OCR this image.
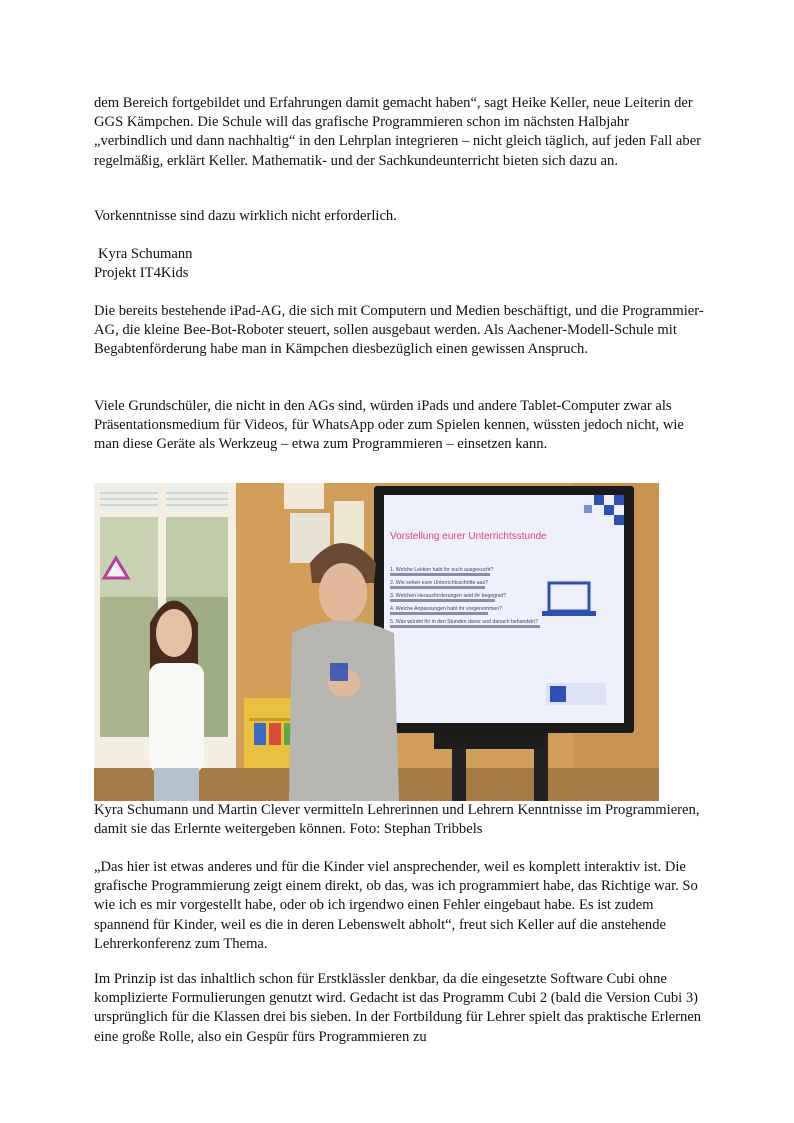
dem Bereich fortgebildet und Erfahrungen damit gemacht haben“, sagt Heike Keller, neue Leiterin der GGS Kämpchen. Die Schule will das grafische Programmieren schon im nächsten Halbjahr „verbindlich und dann nachhaltig“ in den Lehrplan integrieren – nicht gleich täglich, auf jeden Fall aber regelmäßig, erklärt Keller. Mathematik- und der Sachkundeunterricht bieten sich dazu an.

Vorkenntnisse sind dazu wirklich nicht erforderlich.

Kyra Schumann

Projekt IT4Kids

Die bereits bestehende iPad-AG, die sich mit Computern und Medien beschäftigt, und die Programmier-AG, die kleine Bee-Bot-Roboter steuert, sollen ausgebaut werden. Als Aachener-Modell-Schule mit Begabtenförderung habe man in Kämpchen diesbezüglich einen gewissen Anspruch.

Viele Grundschüler, die nicht in den AGs sind, würden iPads und andere Tablet-Computer zwar als Präsentationsmedium für Videos, für WhatsApp oder zum Spielen kennen, wüssten jedoch nicht, wie man diese Geräte als Werkzeug – etwa zum Programmieren – einsetzen kann.

Vorstellung eurer Unterrichtsstunde
1. Welche Lektion habt ihr euch ausgesucht?
2. Wie sehen eure Unterrichtsschritte aus?
3. Welchen Herausforderungen seid ihr begegnet?
4. Welche Anpassungen habt ihr vorgenommen?
5. Was würdet ihr in den Stunden davor und danach behandeln?

Kyra Schumann und Martin Clever vermitteln Lehrerinnen und Lehrern Kenntnisse im Programmieren, damit sie das Erlernte weitergeben können. Foto: Stephan Tribbels

„Das hier ist etwas anderes und für die Kinder viel ansprechender, weil es komplett interaktiv ist. Die grafische Programmierung zeigt einem direkt, ob das, was ich programmiert habe, das Richtige war. So wie ich es mir vorgestellt habe, oder ob ich irgendwo einen Fehler eingebaut habe. Es ist zudem spannend für Kinder, weil es die in deren Lebenswelt abholt“, freut sich Keller auf die anstehende Lehrerkonferenz zum Thema.

Im Prinzip ist das inhaltlich schon für Erstklässler denkbar, da die eingesetzte Software Cubi ohne komplizierte Formulierungen genutzt wird. Gedacht ist das Programm Cubi 2 (bald die Version Cubi 3) ursprünglich für die Klassen drei bis sieben. In der Fortbildung für Lehrer spielt das praktische Erlernen eine große Rolle, also ein Gespür fürs Programmieren zu
